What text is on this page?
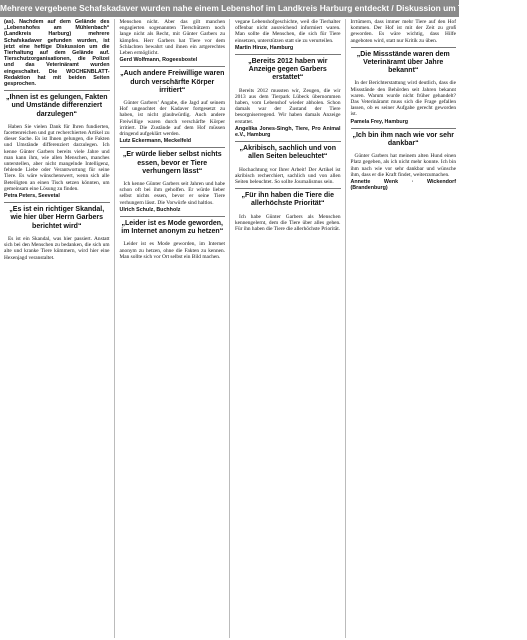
Mehrere vergebene Schafskadaver wurden nahe einem Lebenshof im Landkreis Harburg entdeckt / Diskussion um Tierwohl entfacht
(as). Nachdem auf dem Gelände des „Lebenshofes am Mühlenbach“ (Landkreis Harburg) mehrere Schafskadaver gefunden wurden, ist jetzt eine heftige Diskussion um die Tierhaltung auf dem Gelände auf. Tierschutzorganisationen, die Polizei und das Veterinäramt wurden eingeschaltet. Die WOCHENBLATT-Redaktion hat mit beiden Seiten gesprochen.
„Ihnen ist es gelungen, Fakten und Umstände differenziert darzulegen“
Haben Sie vielen Dank für Ihren fundierten, facettenreichen und gut recherchierten Artikel zu dieser Sache. Es ist Ihnen gelungen, die Fakten und Umstände differenziert darzulegen. Ich kenne Günter Garbers bereits viele Jahre und man kann ihm, wie allen Menschen, manches unterstellen, aber nicht mangelnde Intelligenz, fehlende Liebe oder Verantwortung für seine Tiere. Es wäre wünschenswert, wenn sich alle Beteiligten an einen Tisch setzen könnten, um gemeinsam eine Lösung zu finden.
Petra Peters, Seevetal
„Es ist ein richtiger Skandal, wie hier über Herrn Garbers berichtet wird“
Es ist ein Skandal, was hier passiert. Anstatt sich bei den Menschen zu bedanken, die sich um alte und kranke Tiere kümmern, wird hier eine Hexenjagd veranstaltet.
Menschen nicht. Aber das gilt manchen engagierten sogenannten Tierschützern noch lange nicht als Recht, mit Günter Garbers zu kämpfen. Herr Garbers hat Tiere vor dem Schlachten bewahrt und ihnen ein artgerechtes Leben ermöglicht.
Gerd Wolfmann, Rogeesbostel
„Auch andere Freiwillige waren durch verschärfte Körper irritiert“
Günter Garbers’ Angabe, die Jagd auf seinem Hof ungeachtet der Kadaver fortgesetzt zu haben, ist nicht glaubwürdig. Auch andere Freiwillige waren durch verschärfte Körper irritiert. Die Zustände auf dem Hof müssen dringend aufgeklärt werden.
Lutz Eckermann, Meckelfeld
„Er würde lieber selbst nichts essen, bevor er Tiere verhungern lässt“
Ich kenne Günter Garbers seit Jahren und habe schon oft bei ihm geholfen. Er würde lieber selbst nichts essen, bevor er seine Tiere verhungern lässt. Die Vorwürfe sind haltlos.
Ulrich Schulz, Buchholz
„Leider ist es Mode geworden, im Internet anonym zu hetzen“
Leider ist es Mode geworden, im Internet anonym zu hetzen, ohne die Fakten zu kennen. Man sollte sich vor Ort selbst ein Bild machen.
vegane Lebenshofgeschichte, weil die Tierhalter offenbar nicht ausreichend informiert waren. Man sollte die Menschen, die sich für Tiere einsetzen, unterstützen statt sie zu verurteilen.
Martin Hinze, Hamburg
„Bereits 2012 haben wir Anzeige gegen Garbers erstattet“
Bereits 2012 mussten wir, Zeugen, die wir 2013 aus dem Tierpark Lübeck übernommen haben, vom Lebenshof wieder abholen. Schon damals war der Zustand der Tiere besorgniserregend. Wir haben damals Anzeige erstattet.
Angelika Jones-Singh, Tiere, Pro Animal e.V., Hamburg
„Akribisch, sachlich und von allen Seiten beleuchtet“
Hochachtung vor Ihrer Arbeit! Der Artikel ist akribisch recherchiert, sachlich und von allen Seiten beleuchtet. So sollte Journalismus sein.
„Für ihn haben die Tiere die allerhöchste Priorität“
Ich habe Günter Garbers als Menschen kennengelernt, dem die Tiere über alles gehen. Für ihn haben die Tiere die allerhöchste Priorität.
Irrtümern, dass immer mehr Tiere auf den Hof kommen. Der Hof ist mit der Zeit zu groß geworden. Es wäre wichtig, dass Hilfe angeboten wird, statt nur Kritik zu üben.
„Die Missstände waren dem Veterinäramt über Jahre bekannt“
In der Berichterstattung wird deutlich, dass die Missstände den Behörden seit Jahren bekannt waren. Warum wurde nicht früher gehandelt? Das Veterinäramt muss sich die Frage gefallen lassen, ob es seiner Aufgabe gerecht geworden ist.
Pamela Frey, Hamburg
„Ich bin ihm nach wie vor sehr dankbar“
Günter Garbers hat meinem alten Hund einen Platz gegeben, als ich nicht mehr konnte. Ich bin ihm nach wie vor sehr dankbar und wünsche ihm, dass er die Kraft findet, weiterzumachen.
Annette Wenk · Wickendorf (Brandenburg)
